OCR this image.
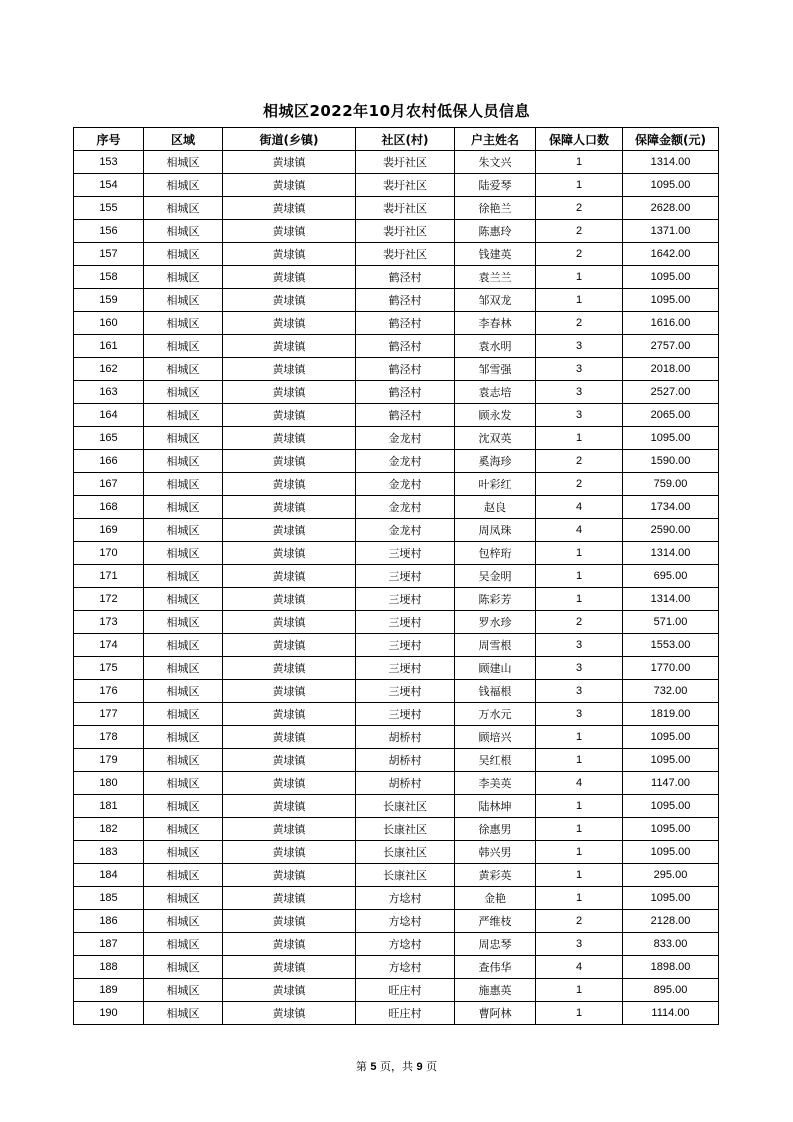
相城区2022年10月农村低保人员信息
序号	区域	街道(乡镇)	社区(村)	户主姓名	保障人口数	保障金额(元)
153	相城区	黄埭镇	裴圩社区	朱文兴	1	1314.00
154	相城区	黄埭镇	裴圩社区	陆爱琴	1	1095.00
155	相城区	黄埭镇	裴圩社区	徐艳兰	2	2628.00
156	相城区	黄埭镇	裴圩社区	陈惠玲	2	1371.00
157	相城区	黄埭镇	裴圩社区	钱建英	2	1642.00
158	相城区	黄埭镇	鹤泾村	袁兰兰	1	1095.00
159	相城区	黄埭镇	鹤泾村	邹双龙	1	1095.00
160	相城区	黄埭镇	鹤泾村	李春林	2	1616.00
161	相城区	黄埭镇	鹤泾村	袁水明	3	2757.00
162	相城区	黄埭镇	鹤泾村	邹雪强	3	2018.00
163	相城区	黄埭镇	鹤泾村	袁志培	3	2527.00
164	相城区	黄埭镇	鹤泾村	顾永发	3	2065.00
165	相城区	黄埭镇	金龙村	沈双英	1	1095.00
166	相城区	黄埭镇	金龙村	奚海珍	2	1590.00
167	相城区	黄埭镇	金龙村	叶彩红	2	759.00
168	相城区	黄埭镇	金龙村	赵良	4	1734.00
169	相城区	黄埭镇	金龙村	周凤珠	4	2590.00
170	相城区	黄埭镇	三埂村	包梓珩	1	1314.00
171	相城区	黄埭镇	三埂村	吴金明	1	695.00
172	相城区	黄埭镇	三埂村	陈彩芳	1	1314.00
173	相城区	黄埭镇	三埂村	罗水珍	2	571.00
174	相城区	黄埭镇	三埂村	周雪根	3	1553.00
175	相城区	黄埭镇	三埂村	顾建山	3	1770.00
176	相城区	黄埭镇	三埂村	钱福根	3	732.00
177	相城区	黄埭镇	三埂村	万水元	3	1819.00
178	相城区	黄埭镇	胡桥村	顾培兴	1	1095.00
179	相城区	黄埭镇	胡桥村	吴红根	1	1095.00
180	相城区	黄埭镇	胡桥村	李美英	4	1147.00
181	相城区	黄埭镇	长康社区	陆林坤	1	1095.00
182	相城区	黄埭镇	长康社区	徐惠男	1	1095.00
183	相城区	黄埭镇	长康社区	韩兴男	1	1095.00
184	相城区	黄埭镇	长康社区	黄彩英	1	295.00
185	相城区	黄埭镇	方埝村	金艳	1	1095.00
186	相城区	黄埭镇	方埝村	严维枝	2	2128.00
187	相城区	黄埭镇	方埝村	周忠琴	3	833.00
188	相城区	黄埭镇	方埝村	查伟华	4	1898.00
189	相城区	黄埭镇	旺庄村	施惠英	1	895.00
190	相城区	黄埭镇	旺庄村	曹阿林	1	1114.00
第 5 页，共 9 页
